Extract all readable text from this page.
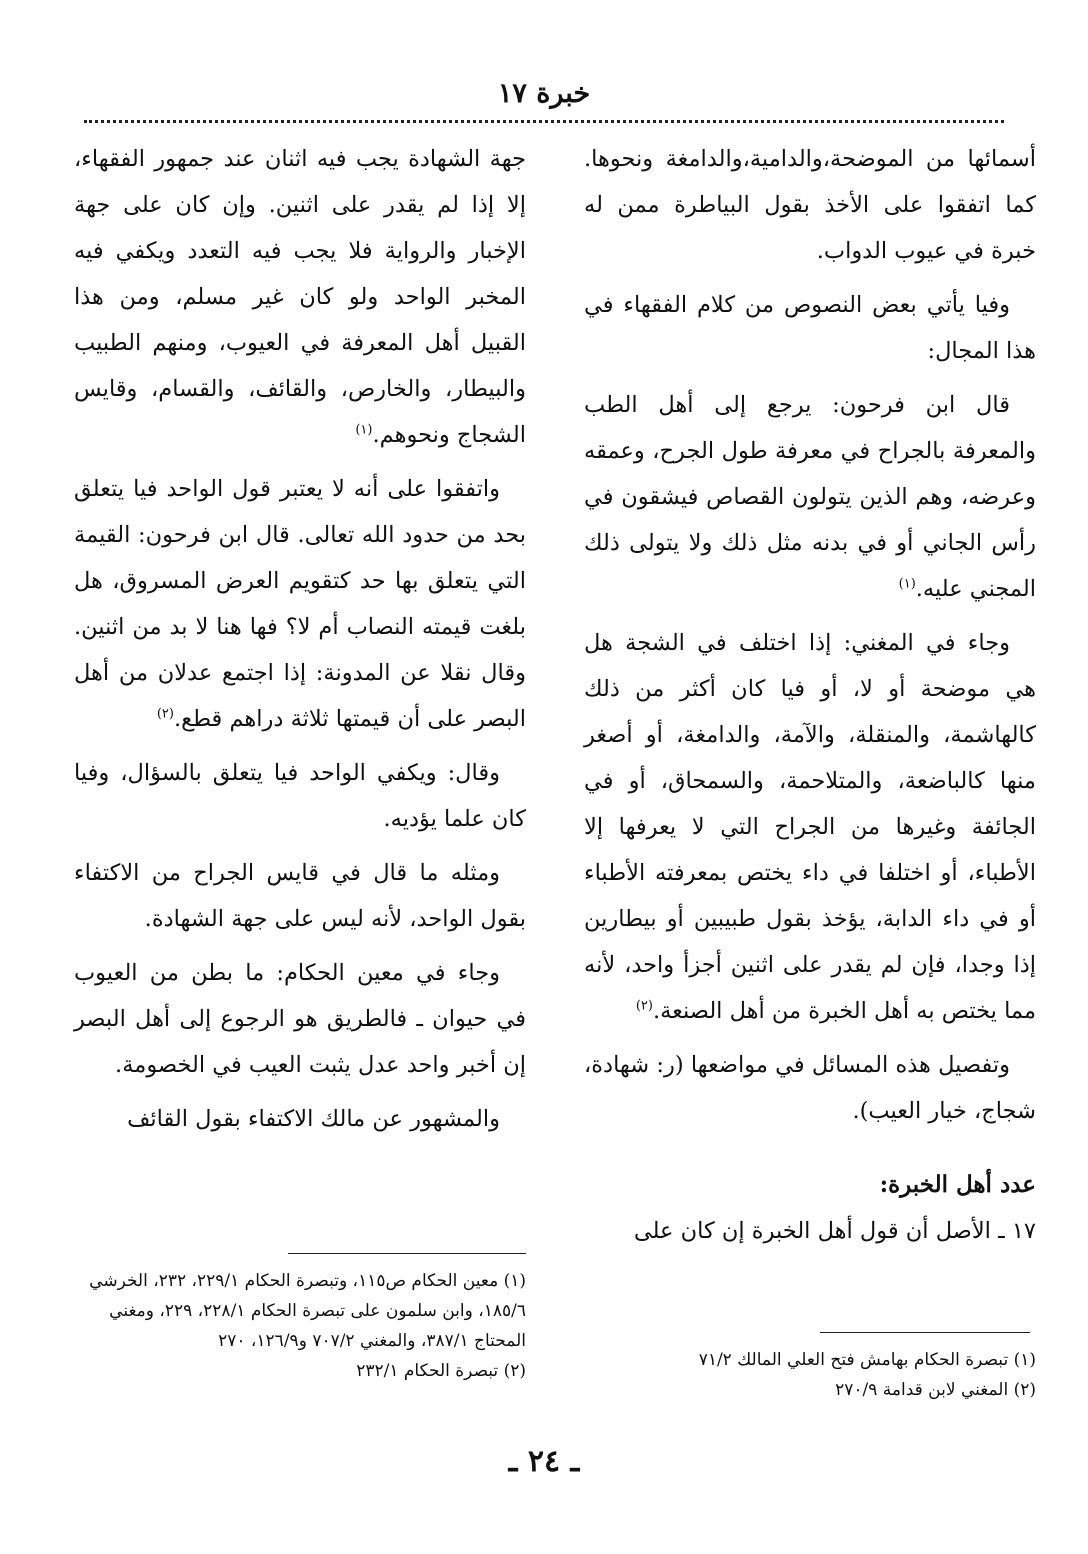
خبرة ١٧

أسمائها من الموضحة،والدامية،والدامغة ونحوها. كما اتفقوا على الأخذ بقول البياطرة ممن له خبرة في عيوب الدواب.

وفيا يأتي بعض النصوص من كلام الفقهاء في هذا المجال:

قال ابن فرحون: يرجع إلى أهل الطب والمعرفة بالجراح في معرفة طول الجرح، وعمقه وعرضه، وهم الذين يتولون القصاص فيشقون في رأس الجاني أو في بدنه مثل ذلك ولا يتولى ذلك المجني عليه.$^{(١)}$

وجاء في المغني: إذا اختلف في الشجة هل هي موضحة أو لا، أو فيا كان أكثر من ذلك كالهاشمة، والمنقلة، والآمة، والدامغة، أو أصغر منها كالباضعة، والمتلاحمة، والسمحاق، أو في الجائفة وغيرها من الجراح التي لا يعرفها إلا الأطباء، أو اختلفا في داء يختص بمعرفته الأطباء أو في داء الدابة، يؤخذ بقول طبيبين أو بيطارين إذا وجدا، فإن لم يقدر على اثنين أجزأ واحد، لأنه مما يختص به أهل الخبرة من أهل الصنعة.$^{(٢)}$

وتفصيل هذه المسائل في مواضعها (ر: شهادة، شجاج، خيار العيب).

عدد أهل الخبرة:

١٧ ـ الأصل أن قول أهل الخبرة إن كان على

جهة الشهادة يجب فيه اثنان عند جمهور الفقهاء، إلا إذا لم يقدر على اثنين. وإن كان على جهة الإخبار والرواية فلا يجب فيه التعدد ويكفي فيه المخبر الواحد ولو كان غير مسلم، ومن هذا القبيل أهل المعرفة في العيوب، ومنهم الطبيب والبيطار، والخارص، والقائف، والقسام، وقايس الشجاج ونحوهم.$^{(١)}$

واتفقوا على أنه لا يعتبر قول الواحد فيا يتعلق بحد من حدود الله تعالى. قال ابن فرحون: القيمة التي يتعلق بها حد كتقويم العرض المسروق، هل بلغت قيمته النصاب أم لا؟ فها هنا لا بد من اثنين. وقال نقلا عن المدونة: إذا اجتمع عدلان من أهل البصر على أن قيمتها ثلاثة دراهم قطع.$^{(٢)}$

وقال: ويكفي الواحد فيا يتعلق بالسؤال، وفيا كان علما يؤديه.

ومثله ما قال في قايس الجراح من الاكتفاء بقول الواحد، لأنه ليس على جهة الشهادة.

وجاء في معين الحكام: ما بطن من العيوب في حيوان ـ فالطريق هو الرجوع إلى أهل البصر إن أخبر واحد عدل يثبت العيب في الخصومة.

والمشهور عن مالك الاكتفاء بقول القائف

(١) معين الحكام ص١١٥، وتبصرة الحكام ٢٢٩/١، ٢٣٢، الخرشي ١٨٥/٦، وابن سلمون على تبصرة الحكام ٢٢٨/١، ٢٢٩، ومغني المحتاج ٣٨٧/١، والمغني ٧٠٧/٢ و١٢٦/٩، ٢٧٠
(٢) تبصرة الحكام ٢٣٢/١
(١) تبصرة الحكام بهامش فتح العلي المالك ٧١/٢
(٢) المغني لابن قدامة ٢٧٠/٩
ـ ٢٤ ـ
